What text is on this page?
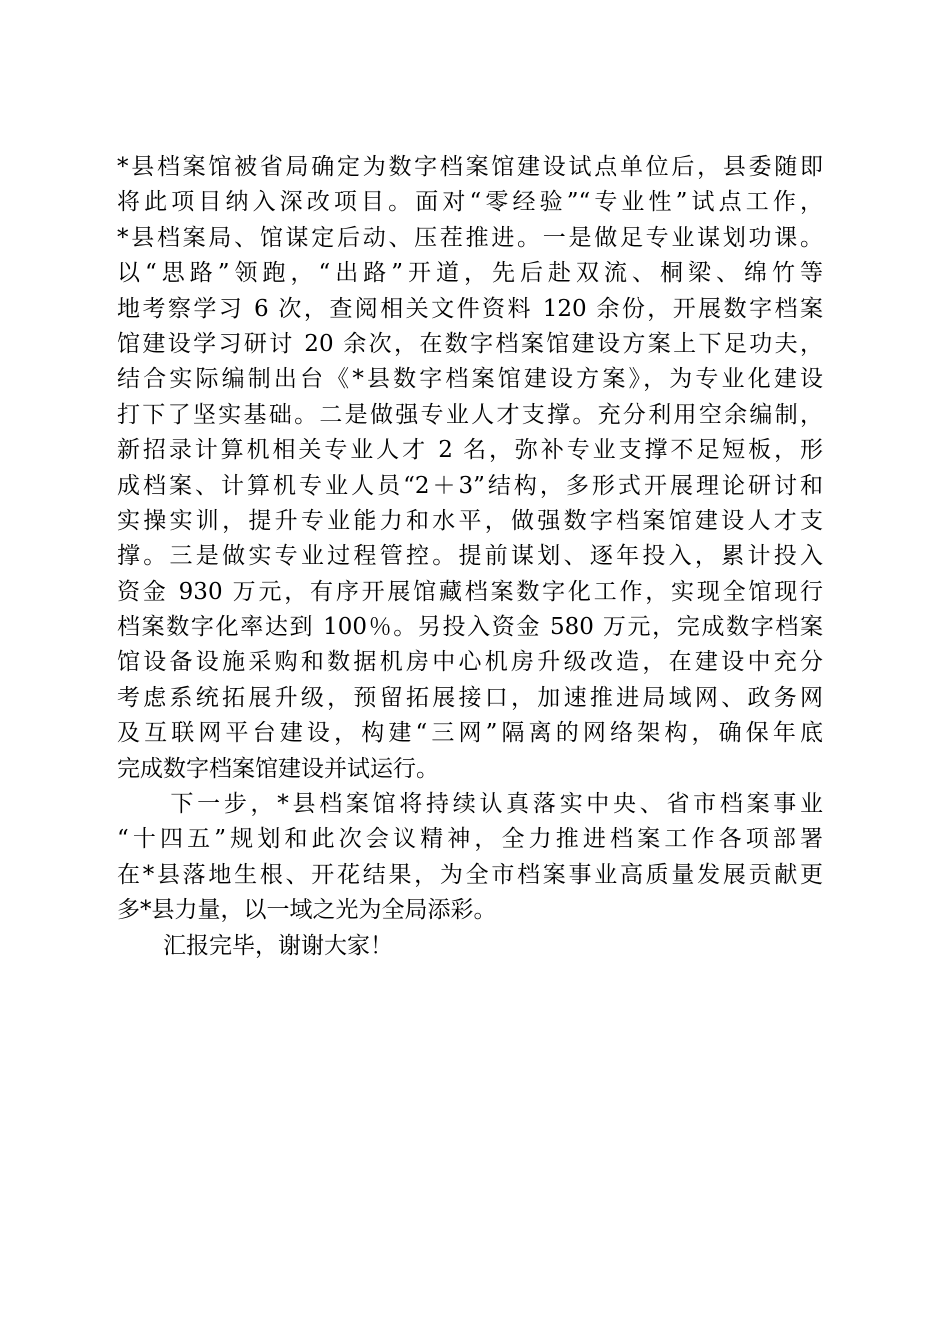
*县档案馆被省局确定为数字档案馆建设试点单位后，县委随即
将此项目纳入深改项目。面对“零经验”“专业性”试点工作，
*县档案局、馆谋定后动、压茬推进。一是做足专业谋划功课。
以“思路”领跑，“出路”开道，先后赴双流、桐梁、绵竹等
地考察学习 6 次，查阅相关文件资料 120 余份，开展数字档案
馆建设学习研讨 20 余次，在数字档案馆建设方案上下足功夫，
结合实际编制出台《*县数字档案馆建设方案》，为专业化建设
打下了坚实基础。二是做强专业人才支撑。充分利用空余编制，
新招录计算机相关专业人才 2 名，弥补专业支撑不足短板，形
成档案、计算机专业人员“2＋3”结构，多形式开展理论研讨和
实操实训，提升专业能力和水平，做强数字档案馆建设人才支
撑。三是做实专业过程管控。提前谋划、逐年投入，累计投入
资金 930 万元，有序开展馆藏档案数字化工作，实现全馆现行
档案数字化率达到 100％。另投入资金 580 万元，完成数字档案
馆设备设施采购和数据机房中心机房升级改造，在建设中充分
考虑系统拓展升级，预留拓展接口，加速推进局域网、政务网
及互联网平台建设，构建“三网”隔离的网络架构，确保年底
完成数字档案馆建设并试运行。
　　下一步，*县档案馆将持续认真落实中央、省市档案事业
“十四五”规划和此次会议精神，全力推进档案工作各项部署
在*县落地生根、开花结果，为全市档案事业高质量发展贡献更
多*县力量，以一域之光为全局添彩。
　　汇报完毕，谢谢大家！
